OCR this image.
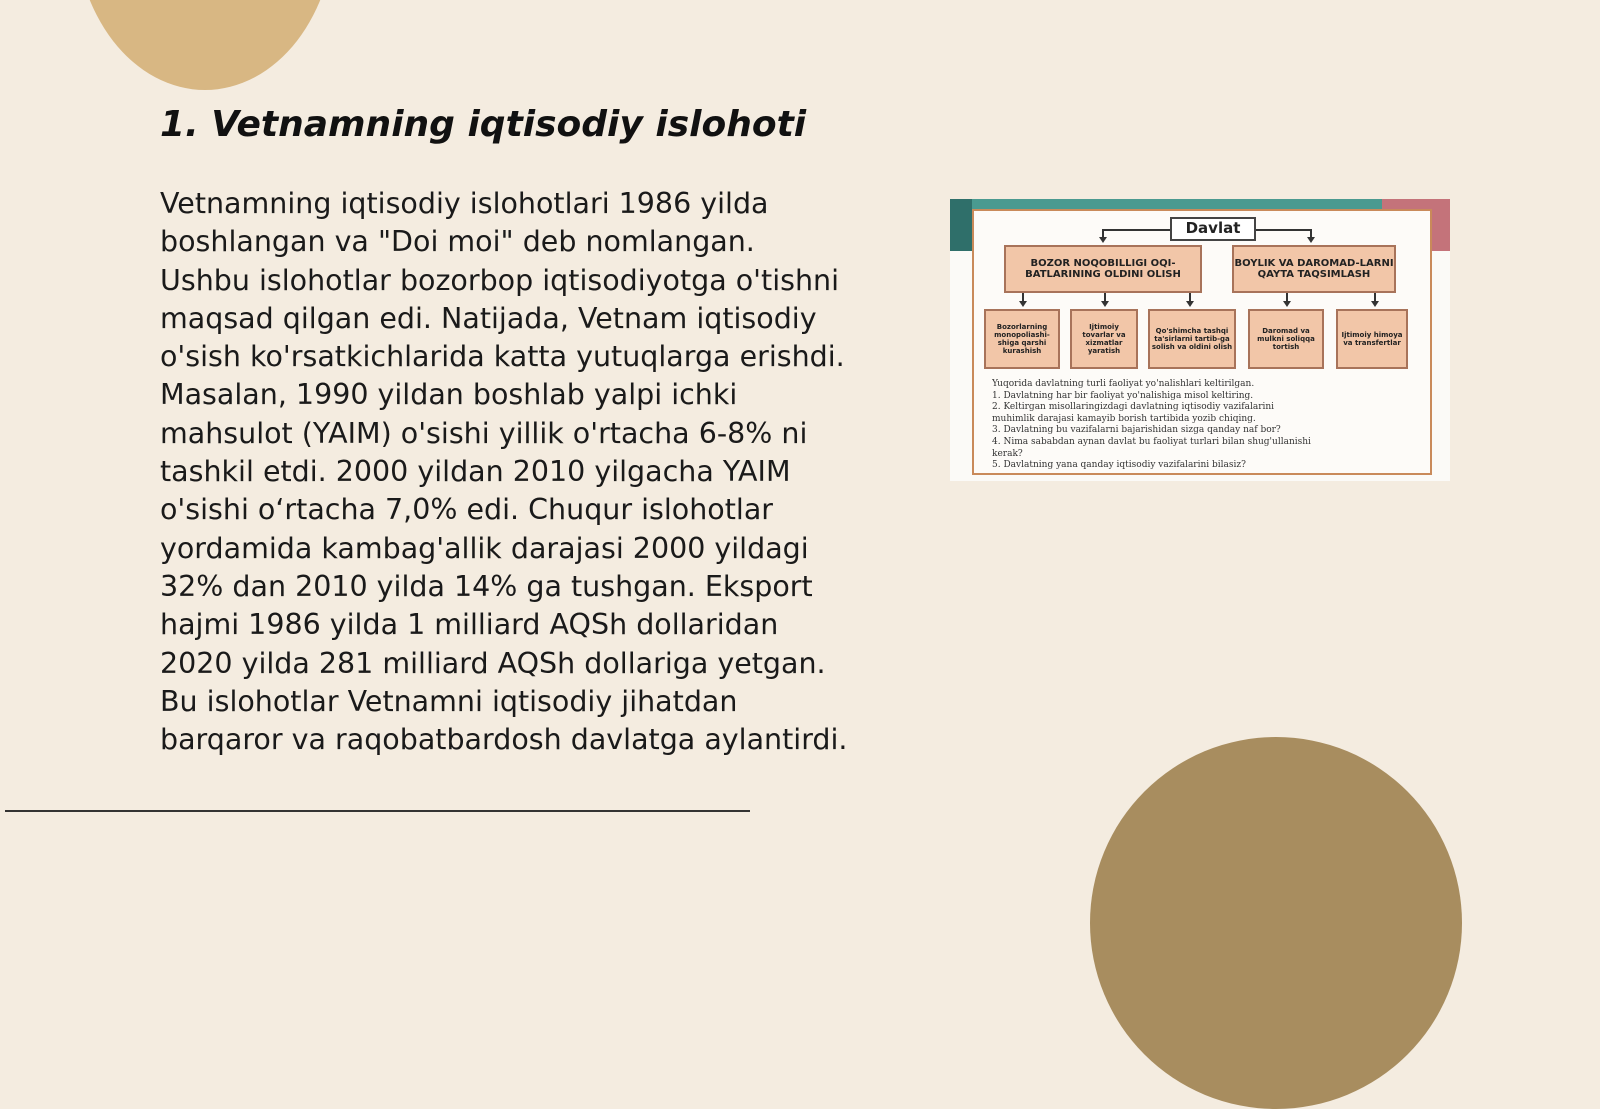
1. Vetnamning iqtisodiy islohoti
Vetnamning iqtisodiy islohotlari 1986 yilda boshlangan va "Doi moi" deb nomlangan. Ushbu islohotlar bozorbop iqtisodiyotga o'tishni maqsad qilgan edi. Natijada, Vetnam iqtisodiy o'sish ko'rsatkichlarida katta yutuqlarga erishdi. Masalan, 1990 yildan boshlab yalpi ichki mahsulot (YAIM) o'sishi yillik o'rtacha 6-8% ni tashkil etdi. 2000 yildan 2010 yilgacha YAIM o'sishi o‘rtacha 7,0% edi. Chuqur islohotlar yordamida kambag'allik darajasi 2000 yildagi 32% dan 2010 yilda 14% ga tushgan. Eksport hajmi 1986 yilda 1 milliard AQSh dollaridan 2020 yilda 281 milliard AQSh dollariga yetgan. Bu islohotlar Vetnamni iqtisodiy jihatdan barqaror va raqobatbardosh davlatga aylantirdi.
Davlat
BOZOR NOQOBILLIGI OQI-BATLARINING OLDINI OLISH
BOYLIK VA DAROMAD-LARNI QAYTA TAQSIMLASH
Bozorlarning monopoliashi-shiga qarshi kurashish
Ijtimoiy tovarlar va xizmatlar yaratish
Qo'shimcha tashqi ta'sirlarni tartib-ga solish va oldini olish
Daromad va mulkni soliqqa tortish
Ijtimoiy himoya va transfertlar

Yuqorida davlatning turli faoliyat yo'nalishlari keltirilgan.

1. Davlatning har bir faoliyat yo'nalishiga misol keltiring.

2. Keltirgan misollaringizdagi davlatning iqtisodiy vazifalarini

muhimlik darajasi kamayib borish tartibida yozib chiqing.

3. Davlatning bu vazifalarni bajarishidan sizga qanday naf bor?

4. Nima sababdan aynan davlat bu faoliyat turlari bilan shug'ullanishi

kerak?

5. Davlatning yana qanday iqtisodiy vazifalarini bilasiz?
